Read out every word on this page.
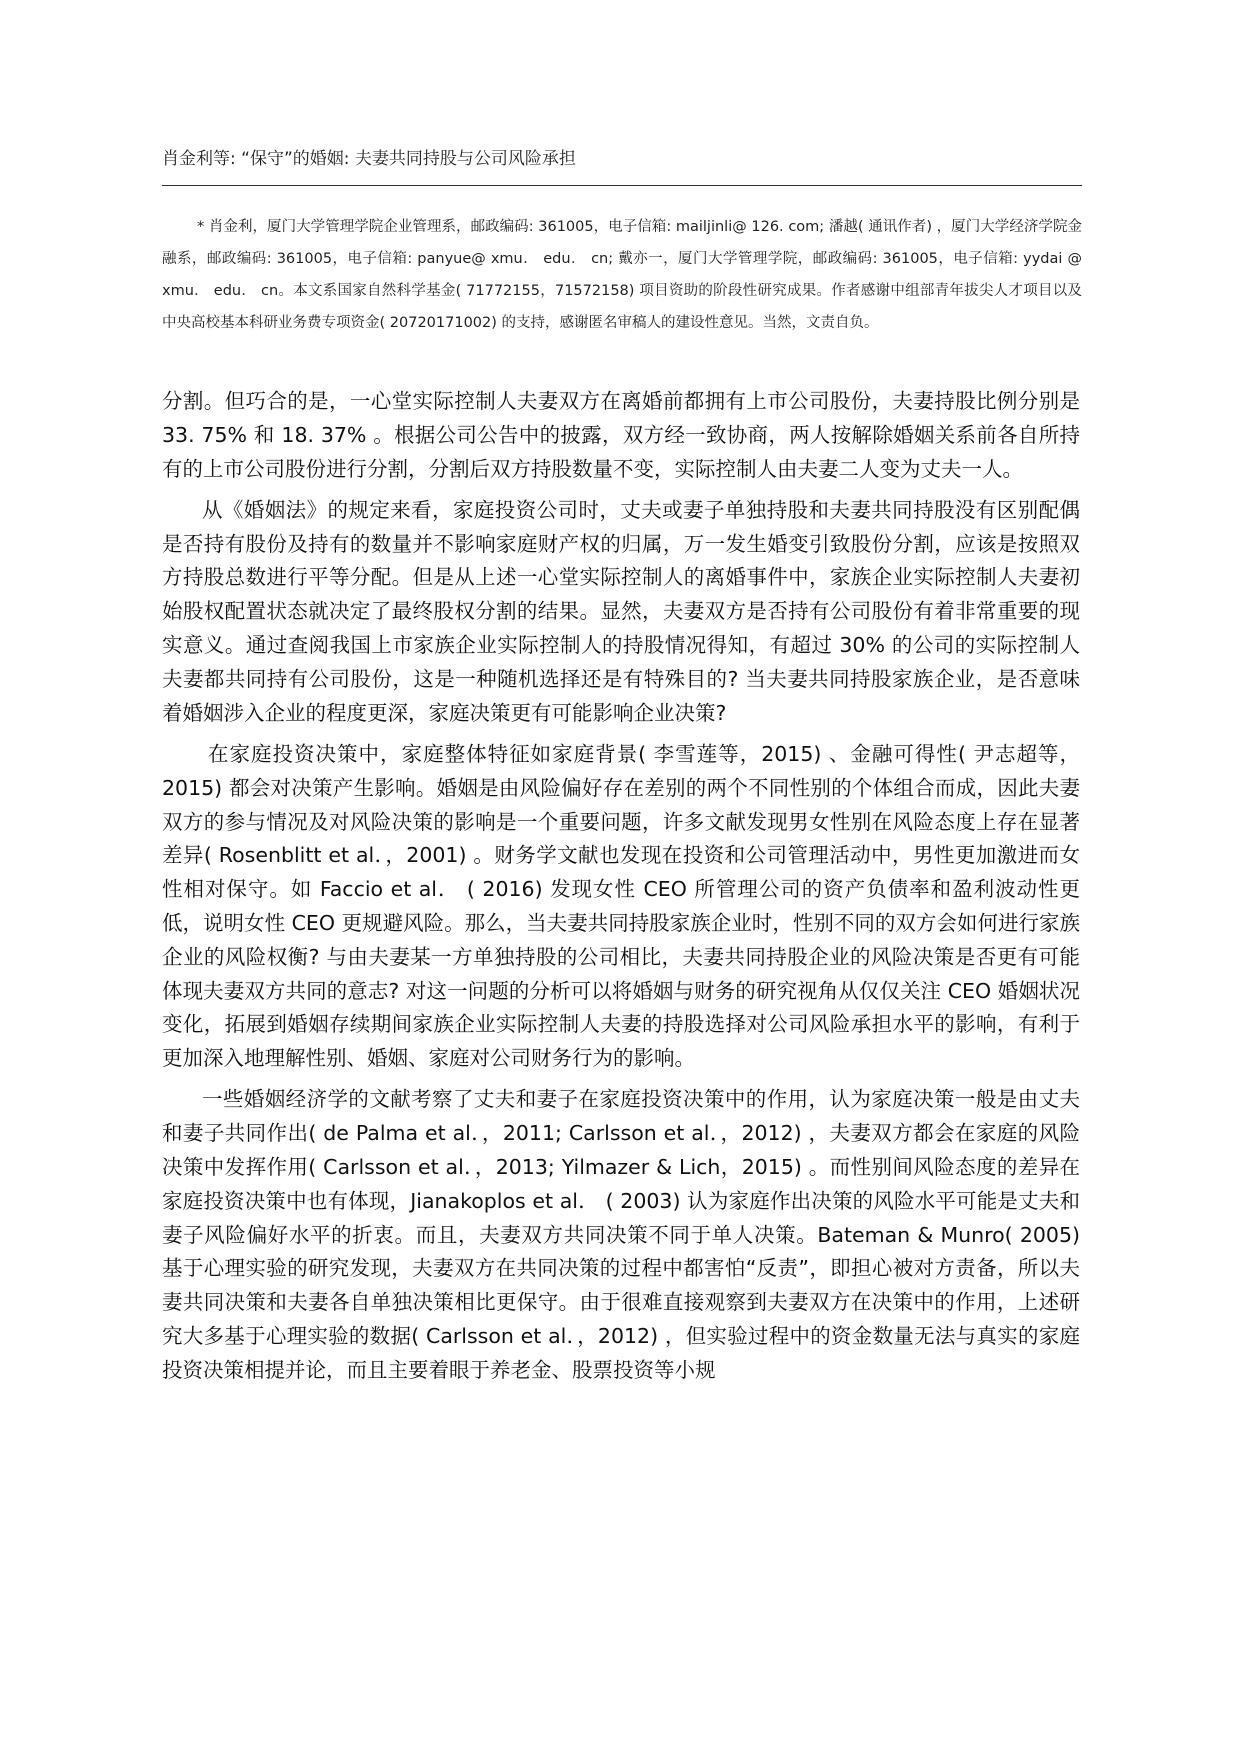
肖金利等: “保守”的婚姻: 夫妻共同持股与公司风险承担

* 肖金利，厦门大学管理学院企业管理系，邮政编码: 361005，电子信箱: mailjinli@ 126. com; 潘越( 通讯作者) ，厦门大学经济学院金融系，邮政编码: 361005，电子信箱: panyue@ xmu． edu． cn; 戴亦一，厦门大学管理学院，邮政编码: 361005，电子信箱: yydai @ xmu． edu． cn。本文系国家自然科学基金( 71772155，71572158) 项目资助的阶段性研究成果。作者感谢中组部青年拔尖人才项目以及中央高校基本科研业务费专项资金( 20720171002) 的支持，感谢匿名审稿人的建设性意见。当然，文责自负。

分割。但巧合的是，一心堂实际控制人夫妻双方在离婚前都拥有上市公司股份，夫妻持股比例分别是 33. 75% 和 18. 37% 。根据公司公告中的披露，双方经一致协商，两人按解除婚姻关系前各自所持有的上市公司股份进行分割，分割后双方持股数量不变，实际控制人由夫妻二人变为丈夫一人。

从《婚姻法》的规定来看，家庭投资公司时，丈夫或妻子单独持股和夫妻共同持股没有区别配偶是否持有股份及持有的数量并不影响家庭财产权的归属，万一发生婚变引致股份分割，应该是按照双方持股总数进行平等分配。但是从上述一心堂实际控制人的离婚事件中，家族企业实际控制人夫妻初始股权配置状态就决定了最终股权分割的结果。显然，夫妻双方是否持有公司股份有着非常重要的现实意义。通过查阅我国上市家族企业实际控制人的持股情况得知，有超过 30% 的公司的实际控制人夫妻都共同持有公司股份，这是一种随机选择还是有特殊目的? 当夫妻共同持股家族企业，是否意味着婚姻涉入企业的程度更深，家庭决策更有可能影响企业决策?

在家庭投资决策中，家庭整体特征如家庭背景( 李雪莲等，2015) 、金融可得性( 尹志超等，2015) 都会对决策产生影响。婚姻是由风险偏好存在差别的两个不同性别的个体组合而成，因此夫妻双方的参与情况及对风险决策的影响是一个重要问题，许多文献发现男女性别在风险态度上存在显著差异( Rosenblitt et al．，2001) 。财务学文献也发现在投资和公司管理活动中，男性更加激进而女性相对保守。如 Faccio et al． ( 2016) 发现女性 CEO 所管理公司的资产负债率和盈利波动性更低，说明女性 CEO 更规避风险。那么，当夫妻共同持股家族企业时，性别不同的双方会如何进行家族企业的风险权衡? 与由夫妻某一方单独持股的公司相比，夫妻共同持股企业的风险决策是否更有可能体现夫妻双方共同的意志? 对这一问题的分析可以将婚姻与财务的研究视角从仅仅关注 CEO 婚姻状况变化，拓展到婚姻存续期间家族企业实际控制人夫妻的持股选择对公司风险承担水平的影响，有利于更加深入地理解性别、婚姻、家庭对公司财务行为的影响。

一些婚姻经济学的文献考察了丈夫和妻子在家庭投资决策中的作用，认为家庭决策一般是由丈夫和妻子共同作出( de Palma et al．，2011; Carlsson et al．，2012) ，夫妻双方都会在家庭的风险决策中发挥作用( Carlsson et al．，2013; Yilmazer & Lich，2015) 。而性别间风险态度的差异在家庭投资决策中也有体现，Jianakoplos et al． ( 2003) 认为家庭作出决策的风险水平可能是丈夫和妻子风险偏好水平的折衷。而且，夫妻双方共同决策不同于单人决策。Bateman & Munro( 2005) 基于心理实验的研究发现，夫妻双方在共同决策的过程中都害怕“反责”，即担心被对方责备，所以夫妻共同决策和夫妻各自单独决策相比更保守。由于很难直接观察到夫妻双方在决策中的作用，上述研究大多基于心理实验的数据( Carlsson et al．，2012) ，但实验过程中的资金数量无法与真实的家庭投资决策相提并论，而且主要着眼于养老金、股票投资等小规
